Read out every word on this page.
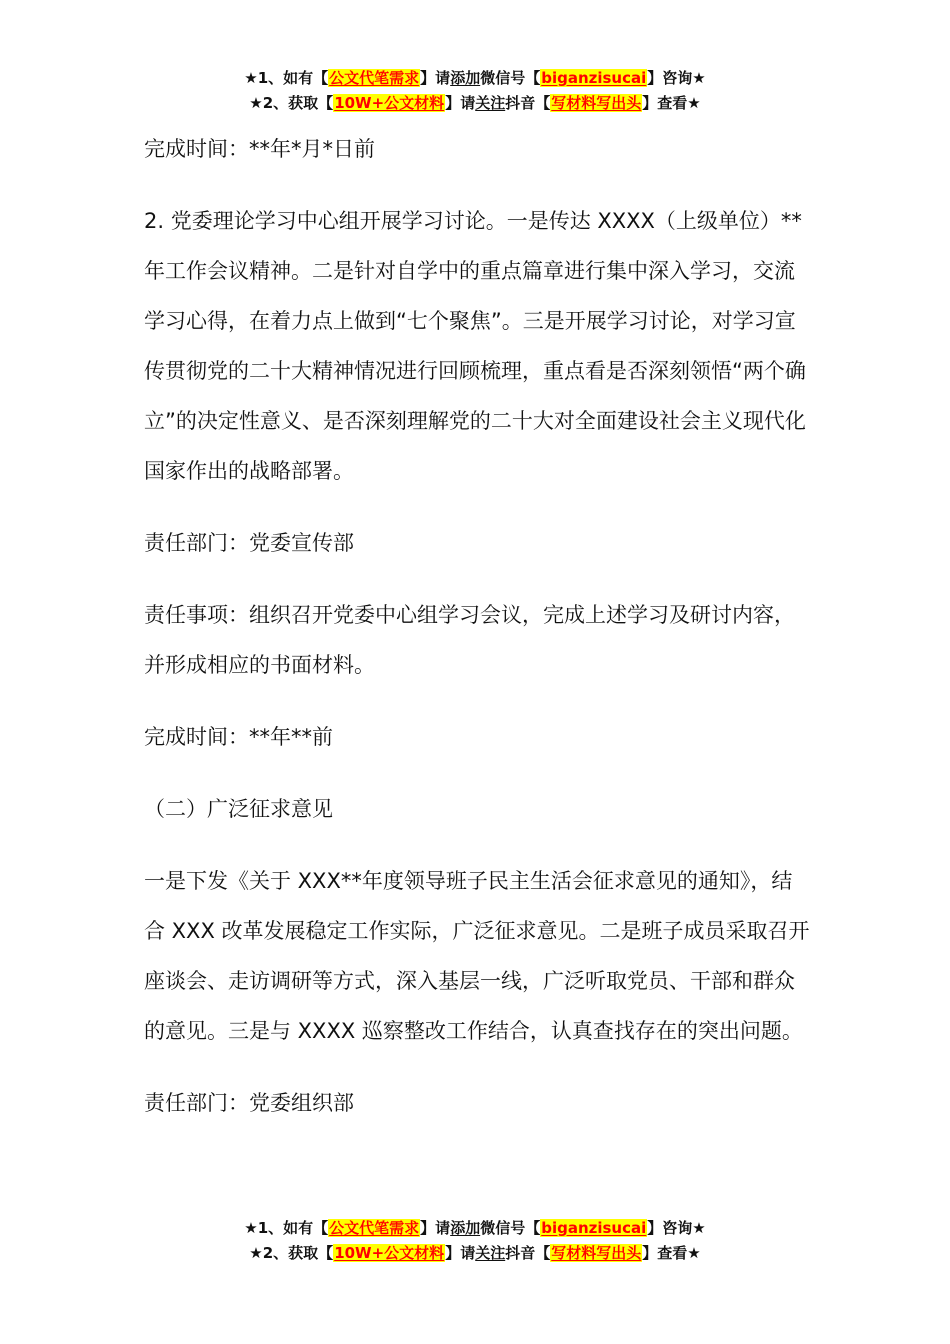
★1、如有【公文代笔需求】请添加微信号【biganzisucai】咨询★
★2、获取【10W+公文材料】请关注抖音【写材料写出头】查看★

完成时间：**年*月*日前

2. 党委理论学习中心组开展学习讨论。一是传达 XXXX（上级单位）**年工作会议精神。二是针对自学中的重点篇章进行集中深入学习，交流学习心得，在着力点上做到“七个聚焦”。三是开展学习讨论，对学习宣传贯彻党的二十大精神情况进行回顾梳理，重点看是否深刻领悟“两个确立”的决定性意义、是否深刻理解党的二十大对全面建设社会主义现代化国家作出的战略部署。

责任部门：党委宣传部

责任事项：组织召开党委中心组学习会议，完成上述学习及研讨内容，并形成相应的书面材料。

完成时间：**年**前

（二）广泛征求意见

一是下发《关于 XXX**年度领导班子民主生活会征求意见的通知》，结合 XXX 改革发展稳定工作实际，广泛征求意见。二是班子成员采取召开座谈会、走访调研等方式，深入基层一线，广泛听取党员、干部和群众的意见。三是与 XXXX 巡察整改工作结合，认真查找存在的突出问题。

责任部门：党委组织部

★1、如有【公文代笔需求】请添加微信号【biganzisucai】咨询★
★2、获取【10W+公文材料】请关注抖音【写材料写出头】查看★
